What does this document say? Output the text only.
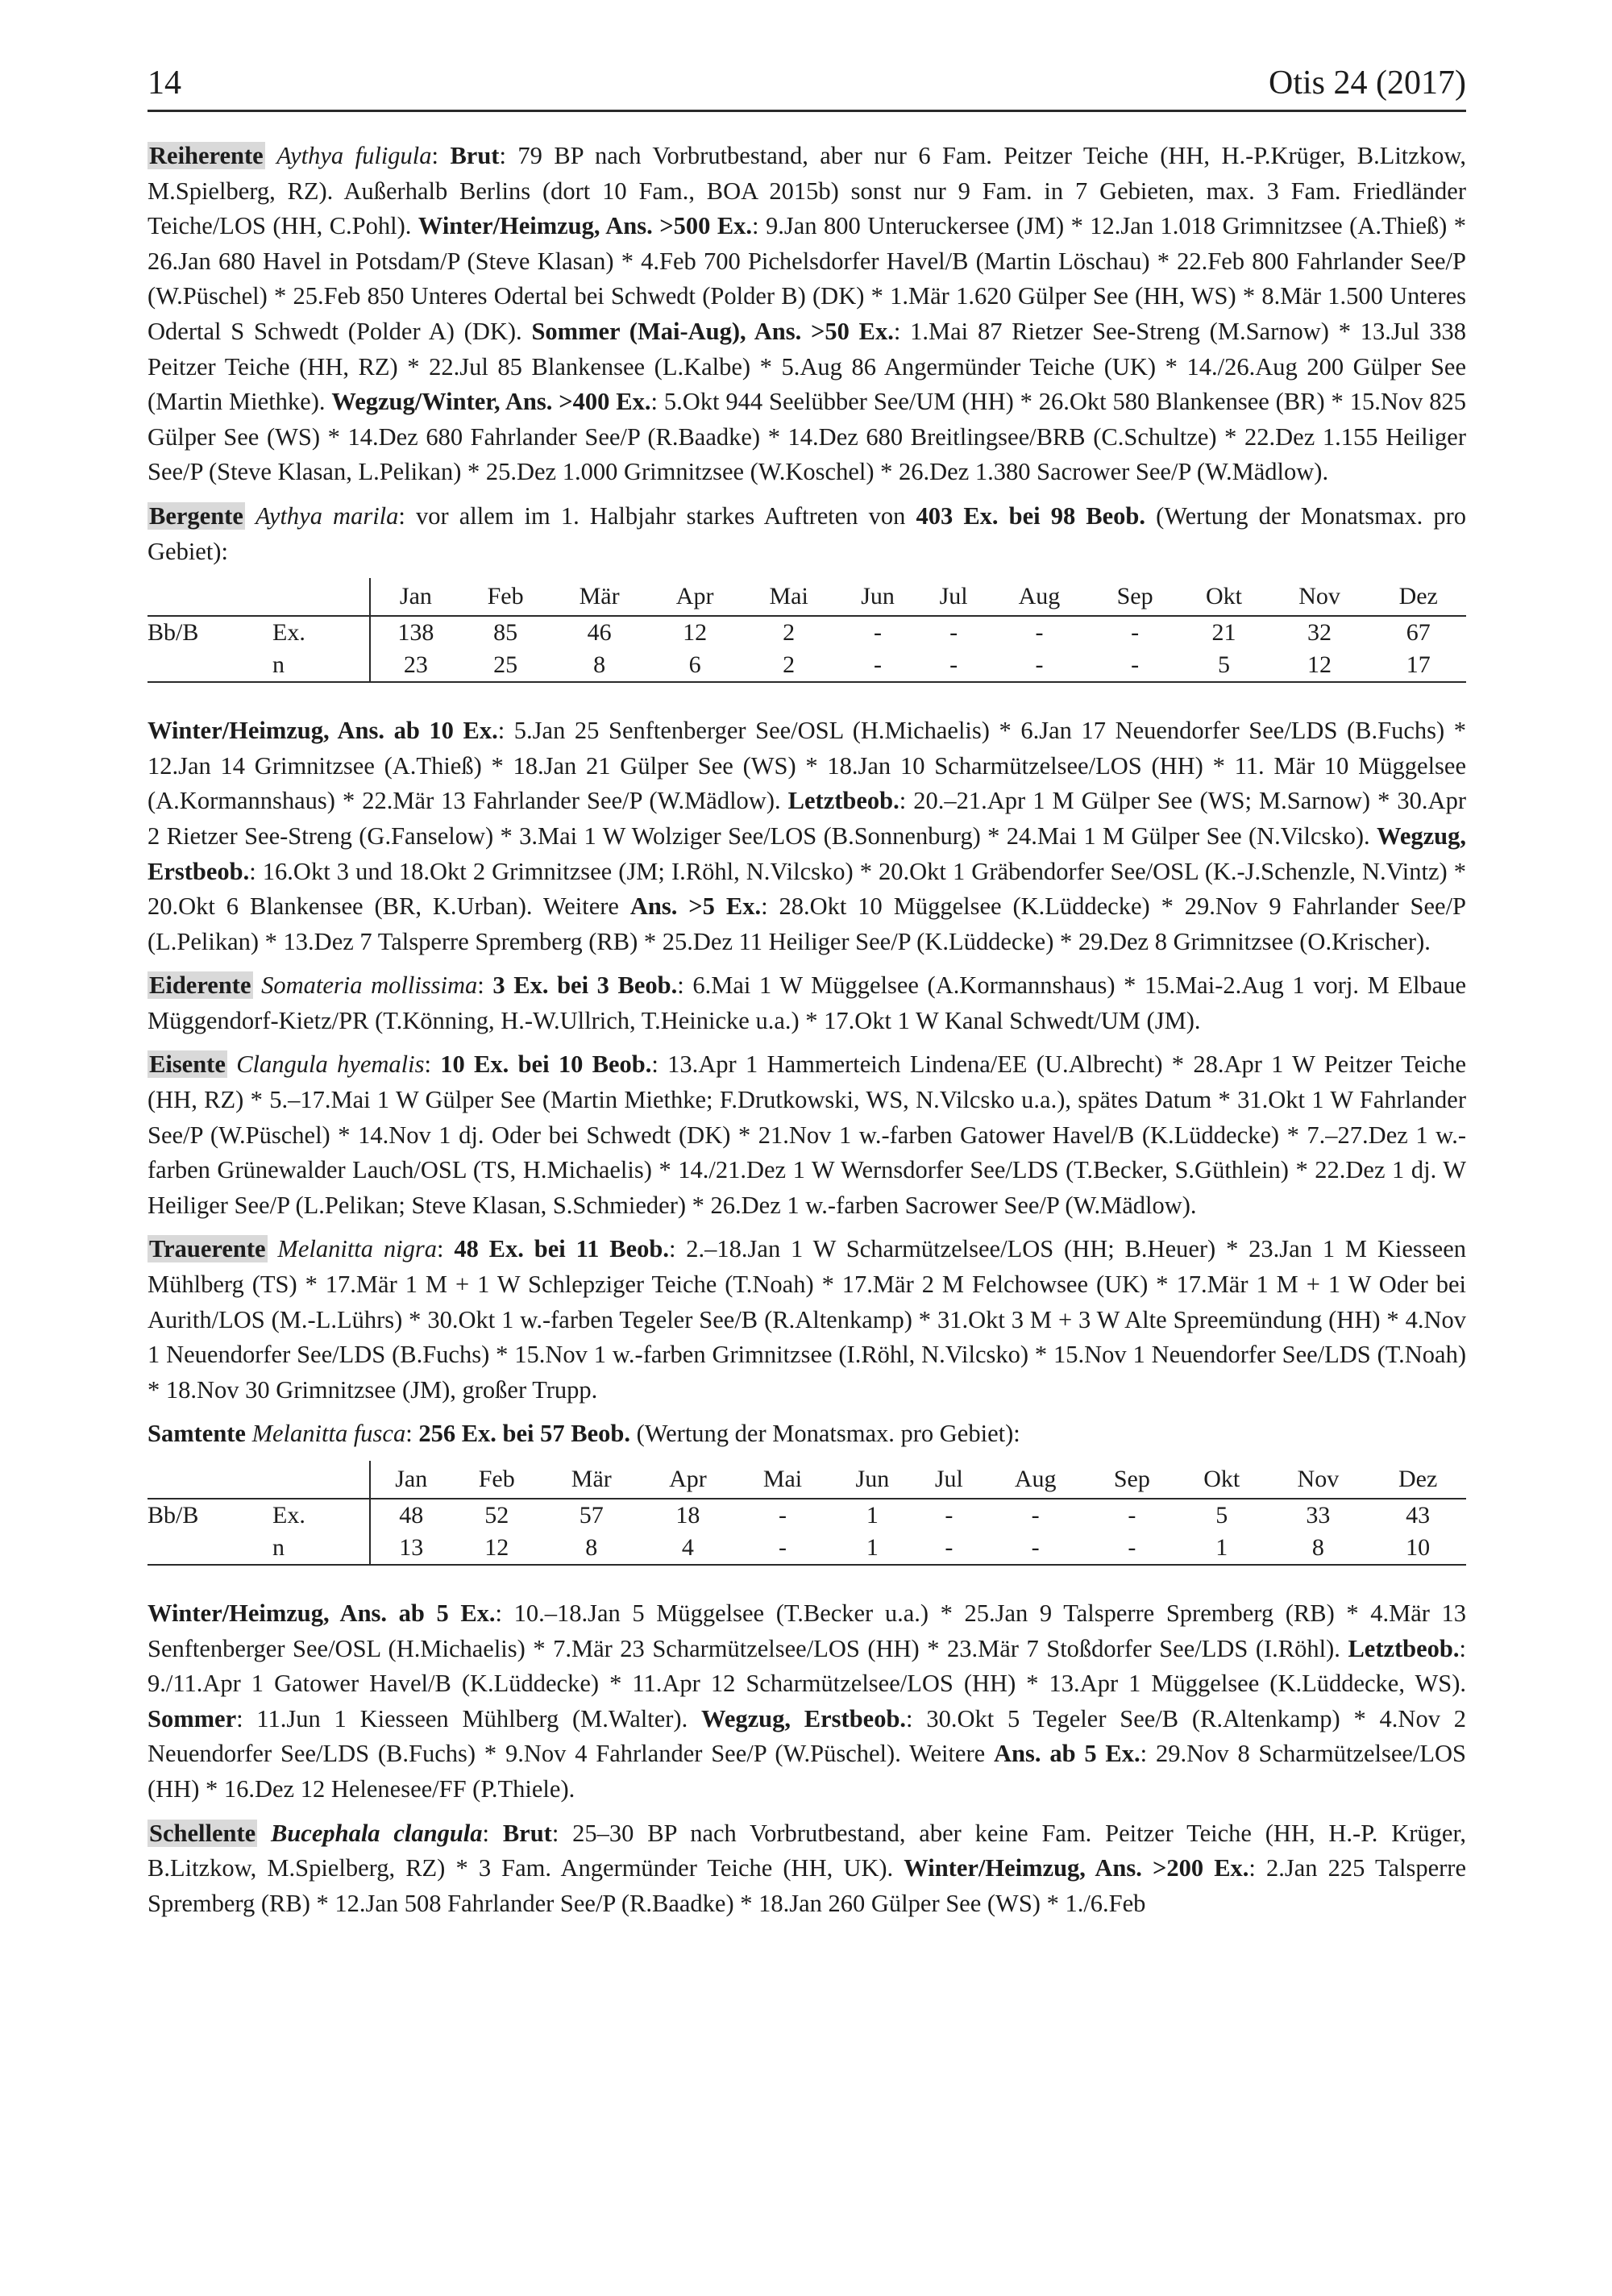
14	Otis 24 (2017)

Reiherente Aythya fuligula: Brut: 79 BP nach Vorbrutbestand, aber nur 6 Fam. Peitzer Teiche (HH, H.-P.Krüger, B.Litzkow, M.Spielberg, RZ). Außerhalb Berlins (dort 10 Fam., BOA 2015b) sonst nur 9 Fam. in 7 Gebieten, max. 3 Fam. Friedländer Teiche/LOS (HH, C.Pohl). Winter/Heimzug, Ans. >500 Ex.: 9.Jan 800 Unteruckersee (JM) * 12.Jan 1.018 Grimnitzsee (A.Thieß) * 26.Jan 680 Havel in Potsdam/P (Steve Klasan) * 4.Feb 700 Pichelsdorfer Havel/B (Martin Löschau) * 22.Feb 800 Fahrlander See/P (W.Püschel) * 25.Feb 850 Unteres Odertal bei Schwedt (Polder B) (DK) * 1.Mär 1.620 Gülper See (HH, WS) * 8.Mär 1.500 Unteres Odertal S Schwedt (Polder A) (DK). Sommer (Mai-Aug), Ans. >50 Ex.: 1.Mai 87 Rietzer See-Streng (M.Sarnow) * 13.Jul 338 Peitzer Teiche (HH, RZ) * 22.Jul 85 Blankensee (L.Kalbe) * 5.Aug 86 Angermünder Teiche (UK) * 14./26.Aug 200 Gülper See (Martin Miethke). Wegzug/Winter, Ans. >400 Ex.: 5.Okt 944 Seelübber See/UM (HH) * 26.Okt 580 Blankensee (BR) * 15.Nov 825 Gülper See (WS) * 14.Dez 680 Fahrlander See/P (R.Baadke) * 14.Dez 680 Breitlingsee/BRB (C.Schultze) * 22.Dez 1.155 Heiliger See/P (Steve Klasan, L.Pelikan) * 25.Dez 1.000 Grimnitzsee (W.Koschel) * 26.Dez 1.380 Sacrower See/P (W.Mädlow).

Bergente Aythya marila: vor allem im 1. Halbjahr starkes Auftreten von 403 Ex. bei 98 Beob. (Wertung der Monatsmax. pro Gebiet):

		Jan	Feb	Mär	Apr	Mai	Jun	Jul	Aug	Sep	Okt	Nov	Dez
Bb/B	Ex.	138	85	46	12	2	-	-	-	-	21	32	67
	n	23	25	8	6	2	-	-	-	-	5	12	17

Winter/Heimzug, Ans. ab 10 Ex.: 5.Jan 25 Senftenberger See/OSL (H.Michaelis) * 6.Jan 17 Neuendorfer See/LDS (B.Fuchs) * 12.Jan 14 Grimnitzsee (A.Thieß) * 18.Jan 21 Gülper See (WS) * 18.Jan 10 Scharmützelsee/LOS (HH) * 11. Mär 10 Müggelsee (A.Kormannshaus) * 22.Mär 13 Fahrlander See/P (W.Mädlow). Letztbeob.: 20.–21.Apr 1 M Gülper See (WS; M.Sarnow) * 30.Apr 2 Rietzer See-Streng (G.Fanselow) * 3.Mai 1 W Wolziger See/LOS (B.Sonnenburg) * 24.Mai 1 M Gülper See (N.Vilcsko). Wegzug, Erstbeob.: 16.Okt 3 und 18.Okt 2 Grimnitzsee (JM; I.Röhl, N.Vilcsko) * 20.Okt 1 Gräbendorfer See/OSL (K.-J.Schenzle, N.Vintz) * 20.Okt 6 Blankensee (BR, K.Urban). Weitere Ans. >5 Ex.: 28.Okt 10 Müggelsee (K.Lüddecke) * 29.Nov 9 Fahrlander See/P (L.Pelikan) * 13.Dez 7 Talsperre Spremberg (RB) * 25.Dez 11 Heiliger See/P (K.Lüddecke) * 29.Dez 8 Grimnitzsee (O.Krischer).

Eiderente Somateria mollissima: 3 Ex. bei 3 Beob.: 6.Mai 1 W Müggelsee (A.Kormannshaus) * 15.Mai-2.Aug 1 vorj. M Elbaue Müggendorf-Kietz/PR (T.Könning, H.-W.Ullrich, T.Heinicke u.a.) * 17.Okt 1 W Kanal Schwedt/UM (JM).

Eisente Clangula hyemalis: 10 Ex. bei 10 Beob.: 13.Apr 1 Hammerteich Lindena/EE (U.Albrecht) * 28.Apr 1 W Peitzer Teiche (HH, RZ) * 5.–17.Mai 1 W Gülper See (Martin Miethke; F.Drutkowski, WS, N.Vilcsko u.a.), spätes Datum * 31.Okt 1 W Fahrlander See/P (W.Püschel) * 14.Nov 1 dj. Oder bei Schwedt (DK) * 21.Nov 1 w.-farben Gatower Havel/B (K.Lüddecke) * 7.–27.Dez 1 w.-farben Grünewalder Lauch/OSL (TS, H.Michaelis) * 14./21.Dez 1 W Wernsdorfer See/LDS (T.Becker, S.Güthlein) * 22.Dez 1 dj. W Heiliger See/P (L.Pelikan; Steve Klasan, S.Schmieder) * 26.Dez 1 w.-farben Sacrower See/P (W.Mädlow).

Trauerente Melanitta nigra: 48 Ex. bei 11 Beob.: 2.–18.Jan 1 W Scharmützelsee/LOS (HH; B.Heuer) * 23.Jan 1 M Kiesseen Mühlberg (TS) * 17.Mär 1 M + 1 W Schlepziger Teiche (T.Noah) * 17.Mär 2 M Felchowsee (UK) * 17.Mär 1 M + 1 W Oder bei Aurith/LOS (M.-L.Lührs) * 30.Okt 1 w.-farben Tegeler See/B (R.Altenkamp) * 31.Okt 3 M + 3 W Alte Spreemündung (HH) * 4.Nov 1 Neuendorfer See/LDS (B.Fuchs) * 15.Nov 1 w.-farben Grimnitzsee (I.Röhl, N.Vilcsko) * 15.Nov 1 Neuendorfer See/LDS (T.Noah) * 18.Nov 30 Grimnitzsee (JM), großer Trupp.

Samtente Melanitta fusca: 256 Ex. bei 57 Beob. (Wertung der Monatsmax. pro Gebiet):

		Jan	Feb	Mär	Apr	Mai	Jun	Jul	Aug	Sep	Okt	Nov	Dez
Bb/B	Ex.	48	52	57	18	-	1	-	-	-	5	33	43
	n	13	12	8	4	-	1	-	-	-	1	8	10

Winter/Heimzug, Ans. ab 5 Ex.: 10.–18.Jan 5 Müggelsee (T.Becker u.a.) * 25.Jan 9 Talsperre Spremberg (RB) * 4.Mär 13 Senftenberger See/OSL (H.Michaelis) * 7.Mär 23 Scharmützelsee/LOS (HH) * 23.Mär 7 Stoßdorfer See/LDS (I.Röhl). Letztbeob.: 9./11.Apr 1 Gatower Havel/B (K.Lüddecke) * 11.Apr 12 Scharmützelsee/LOS (HH) * 13.Apr 1 Müggelsee (K.Lüddecke, WS). Sommer: 11.Jun 1 Kiesseen Mühlberg (M.Walter). Wegzug, Erstbeob.: 30.Okt 5 Tegeler See/B (R.Altenkamp) * 4.Nov 2 Neuendorfer See/LDS (B.Fuchs) * 9.Nov 4 Fahrlander See/P (W.Püschel). Weitere Ans. ab 5 Ex.: 29.Nov 8 Scharmützelsee/LOS (HH) * 16.Dez 12 Helenesee/FF (P.Thiele).

Schellente Bucephala clangula: Brut: 25–30 BP nach Vorbrutbestand, aber keine Fam. Peitzer Teiche (HH, H.-P. Krüger, B.Litzkow, M.Spielberg, RZ) * 3 Fam. Angermünder Teiche (HH, UK). Winter/Heimzug, Ans. >200 Ex.: 2.Jan 225 Talsperre Spremberg (RB) * 12.Jan 508 Fahrlander See/P (R.Baadke) * 18.Jan 260 Gülper See (WS) * 1./6.Feb
